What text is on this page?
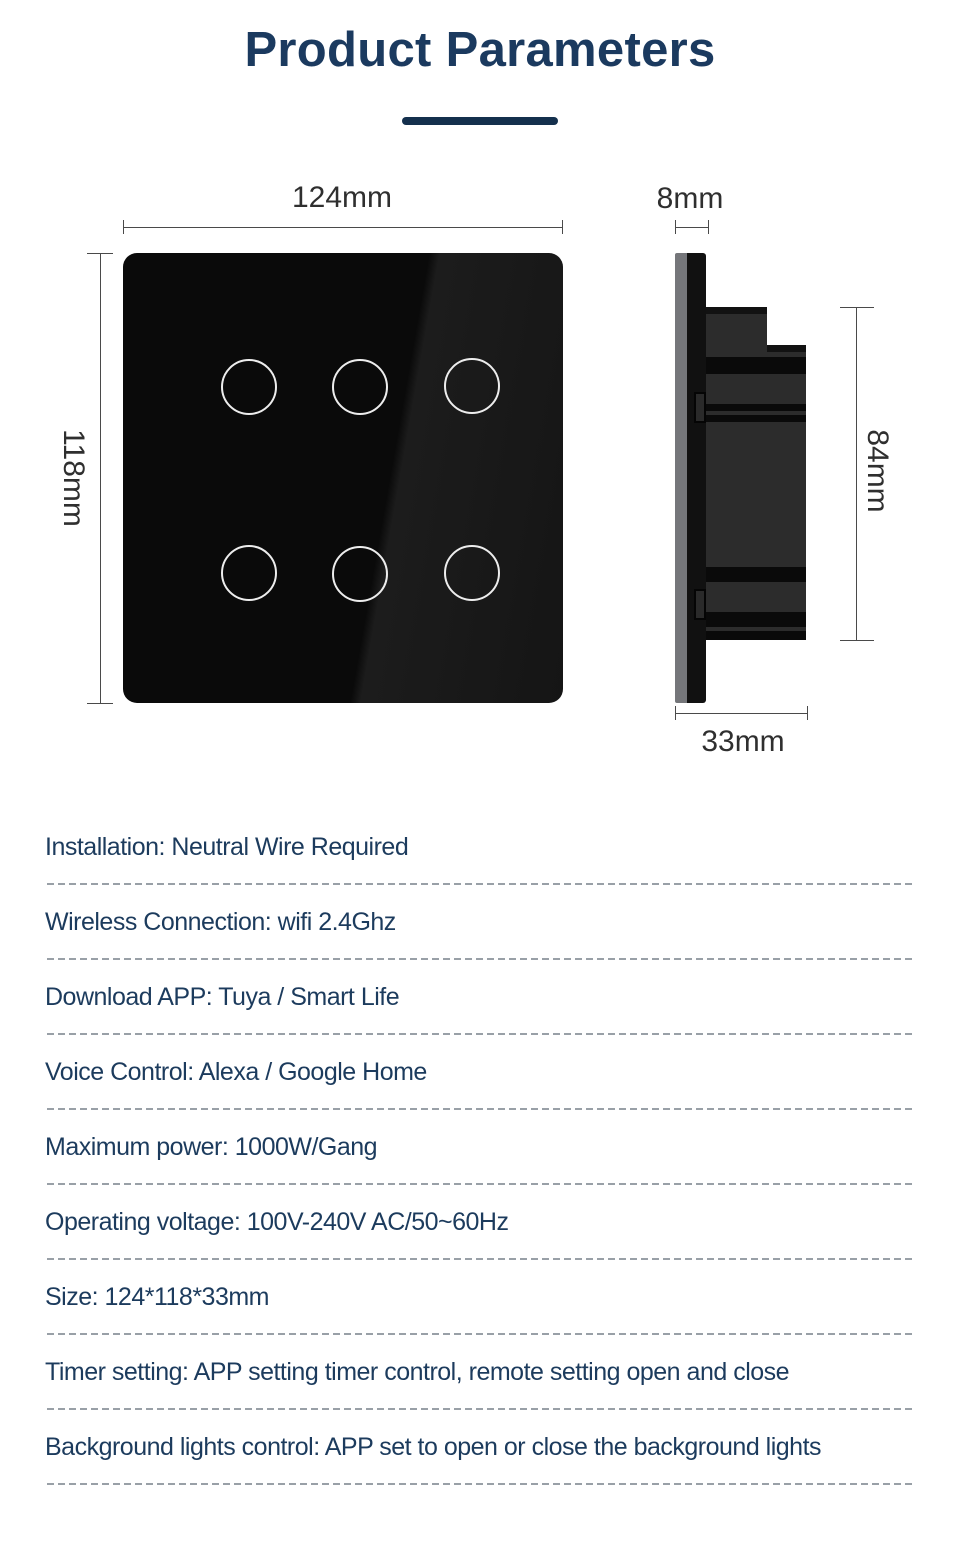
Product Parameters
124mm
118mm
8mm
84mm
33mm
Installation: Neutral Wire Required
Wireless Connection: wifi 2.4Ghz
Download APP: Tuya / Smart Life
Voice Control: Alexa / Google Home
Maximum power: 1000W/Gang
Operating voltage: 100V-240V AC/50~60Hz
Size: 124*118*33mm
Timer setting: APP setting timer control, remote setting open and close
Background lights control: APP set to open or close the background lights
